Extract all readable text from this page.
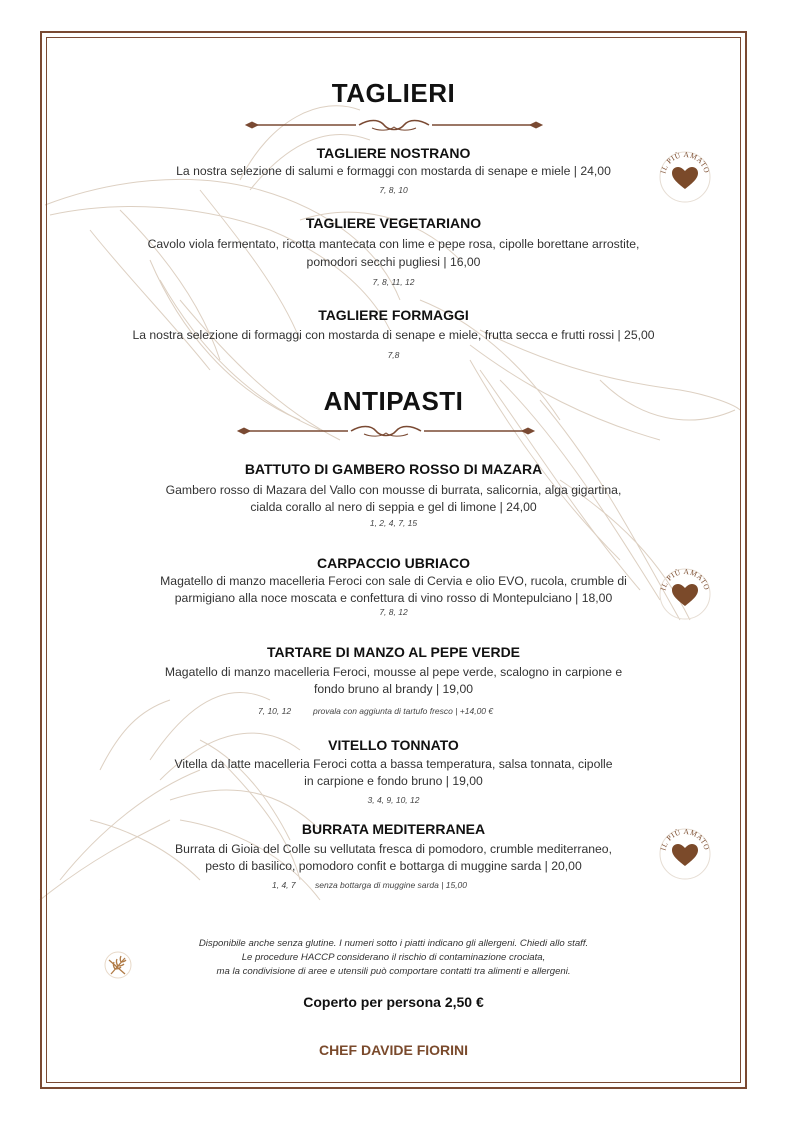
TAGLIERI
TAGLIERE NOSTRANO
La nostra selezione di salumi e formaggi con mostarda di senape e miele | 24,00
7, 8, 10
TAGLIERE VEGETARIANO
Cavolo viola fermentato, ricotta mantecata con lime e pepe rosa, cipolle borettane arrostite,
pomodori secchi pugliesi | 16,00
7, 8, 11, 12
TAGLIERE FORMAGGI
La nostra selezione di formaggi con mostarda di senape e miele, frutta secca e frutti rossi | 25,00
7,8
ANTIPASTI
BATTUTO DI GAMBERO ROSSO DI MAZARA
Gambero rosso di Mazara del Vallo con mousse di burrata, salicornia, alga gigartina,
cialda corallo al nero di seppia e gel di limone | 24,00
1, 2, 4, 7, 15
CARPACCIO UBRIACO
Magatello di manzo macelleria Feroci con sale di Cervia e olio EVO, rucola, crumble di
parmigiano alla noce moscata e confettura di vino rosso di Montepulciano | 18,00
7, 8, 12
TARTARE DI MANZO AL PEPE VERDE
Magatello di manzo macelleria Feroci, mousse al pepe verde, scalogno in carpione e
fondo bruno al brandy | 19,00
7, 10, 12	provala con aggiunta di tartufo fresco | +14,00 €
VITELLO TONNATO
Vitella da latte macelleria Feroci cotta a bassa temperatura, salsa tonnata, cipolle
in carpione e fondo bruno | 19,00
3, 4, 9, 10, 12
BURRATA MEDITERRANEA
Burrata di Gioia del Colle su vellutata fresca di pomodoro, crumble mediterraneo,
pesto di basilico, pomodoro confit e bottarga di muggine sarda | 20,00
1, 4, 7 senza bottarga di muggine sarda | 15,00
Disponibile anche senza glutine. I numeri sotto i piatti indicano gli allergeni. Chiedi allo staff.
Le procedure HACCP considerano il rischio di contaminazione crociata,
ma la condivisione di aree e utensili può comportare contatti tra alimenti e allergeni.
Coperto per persona 2,50 €
CHEF DAVIDE FIORINI
IL PIÙ AMATO
IL PIÙ AMATO
IL PIÙ AMATO
